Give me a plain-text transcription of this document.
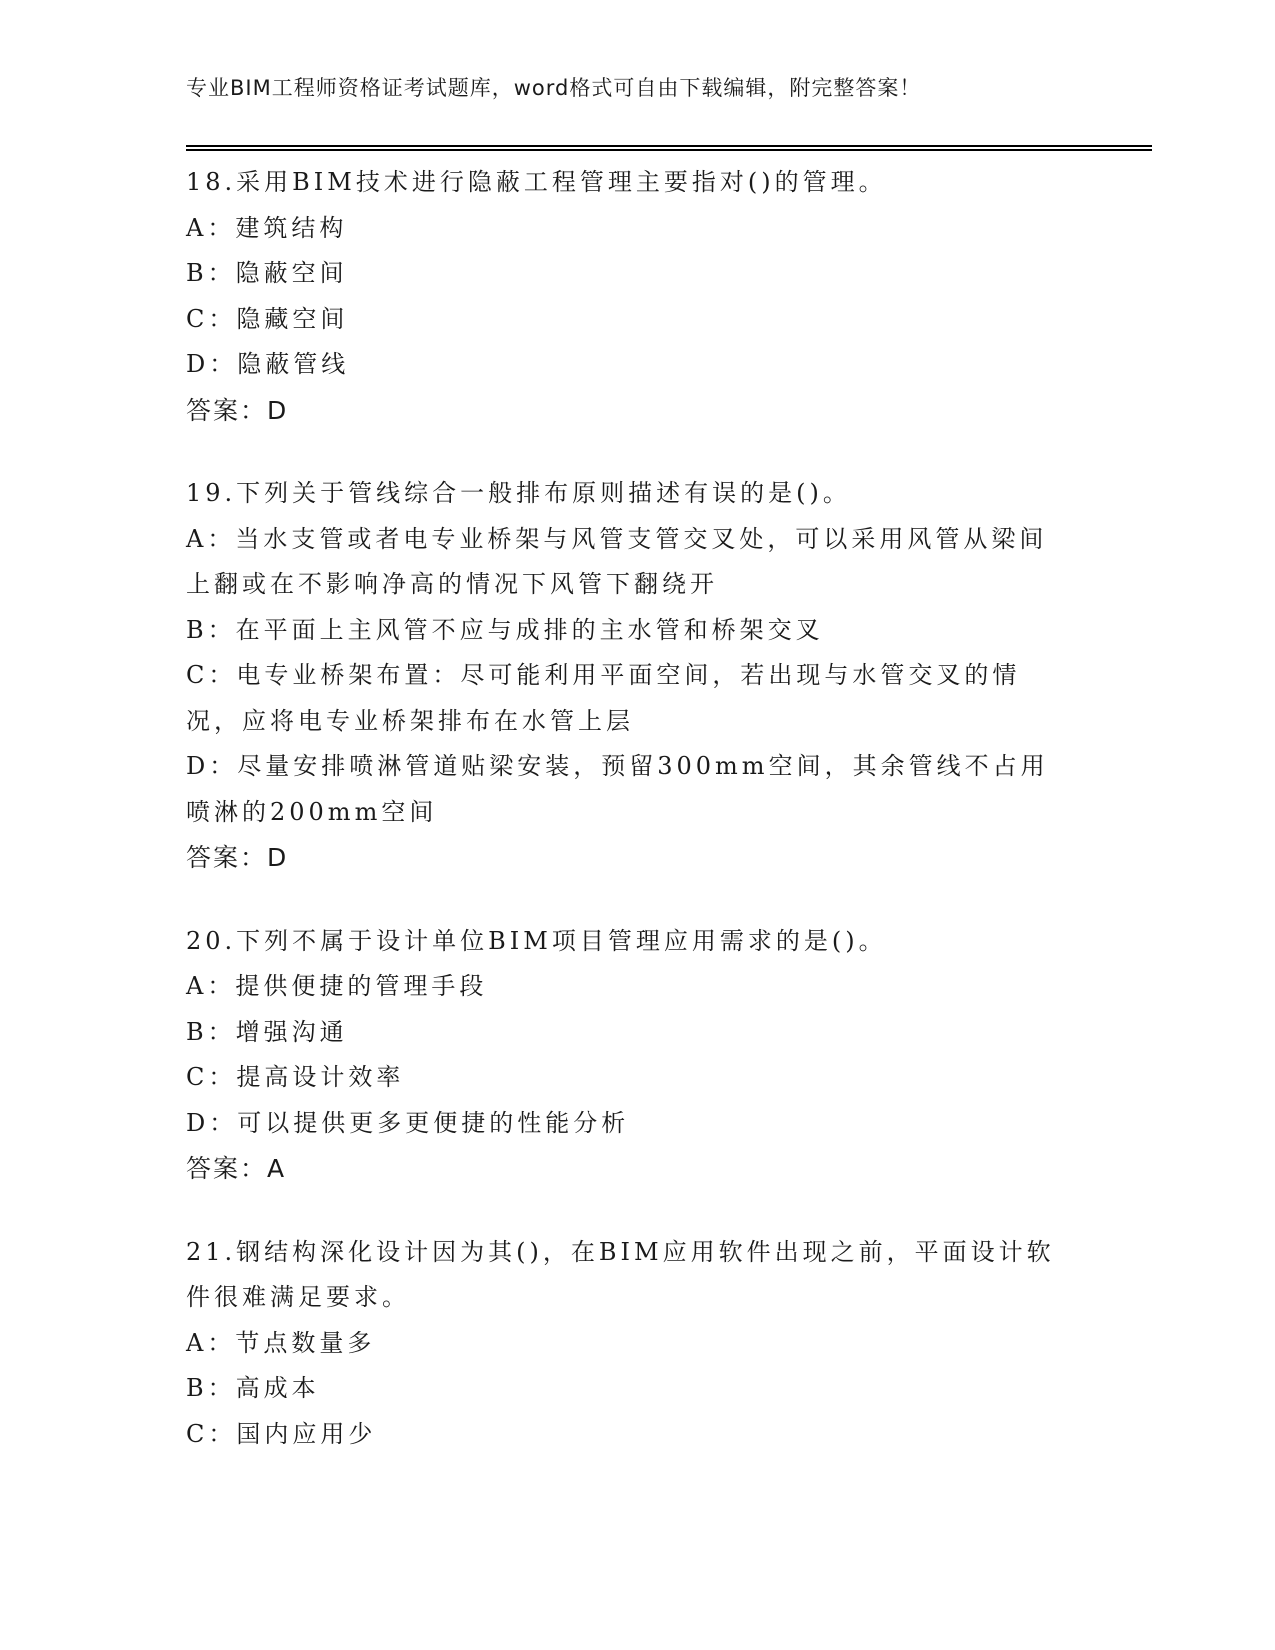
专业BIM工程师资格证考试题库，word格式可自由下载编辑，附完整答案！

18.采用BIM技术进行隐蔽工程管理主要指对()的管理。

A：建筑结构

B：隐蔽空间

C：隐藏空间

D：隐蔽管线

答案：D

19.下列关于管线综合一般排布原则描述有误的是()。

A：当水支管或者电专业桥架与风管支管交叉处，可以采用风管从梁间上翻或在不影响净高的情况下风管下翻绕开

B：在平面上主风管不应与成排的主水管和桥架交叉

C：电专业桥架布置：尽可能利用平面空间，若出现与水管交叉的情况，应将电专业桥架排布在水管上层

D：尽量安排喷淋管道贴梁安装，预留300mm空间，其余管线不占用喷淋的200mm空间

答案：D

20.下列不属于设计单位BIM项目管理应用需求的是()。

A：提供便捷的管理手段

B：增强沟通

C：提高设计效率

D：可以提供更多更便捷的性能分析

答案：A

21.钢结构深化设计因为其()，在BIM应用软件出现之前，平面设计软件很难满足要求。

A：节点数量多

B：高成本

C：国内应用少
